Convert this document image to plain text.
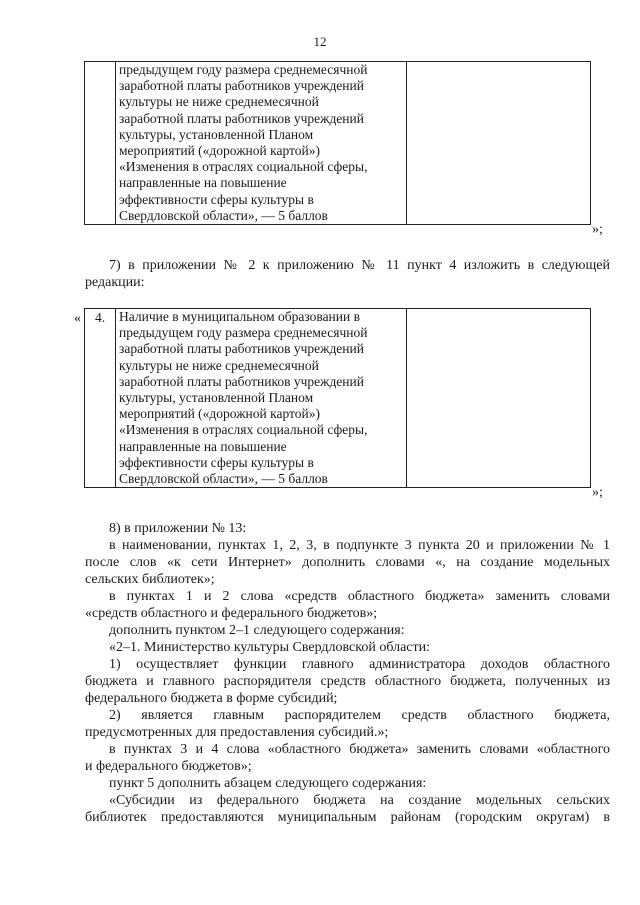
12

предыдущем году размера среднемесячной
заработной платы работников учреждений
культуры не ниже среднемесячной
заработной платы работников учреждений
культуры, установленной Планом
мероприятий («дорожной картой»)
«Изменения в отраслях социальной сферы,
направленные на повышение
эффективности сферы культуры в
Свердловской области», — 5 баллов

»;
7) в приложении № 2 к приложению № 11 пункт 4 изложить в следующей
редакции:
« 4.	Наличие в муниципальном образовании в
предыдущем году размера среднемесячной
заработной платы работников учреждений
культуры не ниже среднемесячной
заработной платы работников учреждений
культуры, установленной Планом
мероприятий («дорожной картой»)
«Изменения в отраслях социальной сферы,
направленные на повышение
эффективности сферы культуры в
Свердловской области», — 5 баллов

»;
8) в приложении № 13:
в наименовании, пунктах 1, 2, 3, в подпункте 3 пункта 20 и приложении № 1
после слов «к сети Интернет» дополнить словами «, на создание модельных
сельских библиотек»;
в пунктах 1 и 2 слова «средств областного бюджета» заменить словами
«средств областного и федерального бюджетов»;
дополнить пунктом 2–1 следующего содержания:
«2–1. Министерство культуры Свердловской области:
1) осуществляет функции главного администратора доходов областного
бюджета и главного распорядителя средств областного бюджета, полученных из
федерального бюджета в форме субсидий;
2) является главным распорядителем средств областного бюджета,
предусмотренных для предоставления субсидий.»;
в пунктах 3 и 4 слова «областного бюджета» заменить словами «областного
и федерального бюджетов»;
пункт 5 дополнить абзацем следующего содержания:
«Субсидии из федерального бюджета на создание модельных сельских
библиотек предоставляются муниципальным районам (городским округам) в
